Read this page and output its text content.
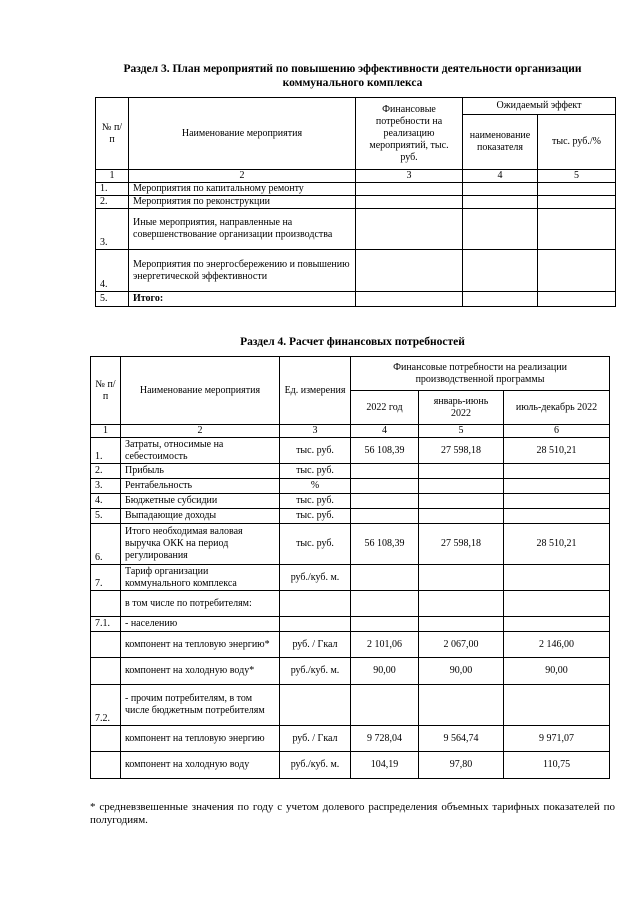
Раздел 3. План мероприятий по повышению эффективности деятельности организации
коммунального комплекса
№ п/п	Наименование мероприятия	Финансовые потребности на реализацию мероприятий, тыс. руб.	Ожидаемый эффект	
			наименование показателя	тыс. руб./%
1	2	3	4	5
1.	Мероприятия по капитальному ремонту			
2.	Мероприятия по реконструкции			
3.	Иные мероприятия, направленные на совершенствование организации производства			
4.	Мероприятия по энергосбережению и повышению энергетической эффективности			
5.	Итого:			
Раздел 4. Расчет финансовых потребностей
№ п/п	Наименование мероприятия	Ед. измерения	Финансовые потребности на реализации производственной программы		
			2022 год	январь-июнь 2022	июль-декабрь 2022
1	2	3	4	5	6
1.	Затраты, относимые на себестоимость	тыс. руб.	56 108,39	27 598,18	28 510,21
2.	Прибыль	тыс. руб.			
3.	Рентабельность	%			
4.	Бюджетные субсидии	тыс. руб.			
5.	Выпадающие доходы	тыс. руб.			
6.	Итого необходимая валовая выручка ОКК на период регулирования	тыс. руб.	56 108,39	27 598,18	28 510,21
7.	Тариф организации коммунального комплекса	руб./куб. м.			
	в том числе по потребителям:				
7.1.	- населению				
	компонент на тепловую энергию*	руб. / Гкал	2 101,06	2 067,00	2 146,00
	компонент на холодную воду*	руб./куб. м.	90,00	90,00	90,00
7.2.	- прочим потребителям, в том числе бюджетным потребителям				
	компонент на тепловую энергию	руб. / Гкал	9 728,04	9 564,74	9 971,07
	компонент на холодную воду	руб./куб. м.	104,19	97,80	110,75
* средневзвешенные значения по году с учетом долевого распределения объемных тарифных показателей по полугодиям.
